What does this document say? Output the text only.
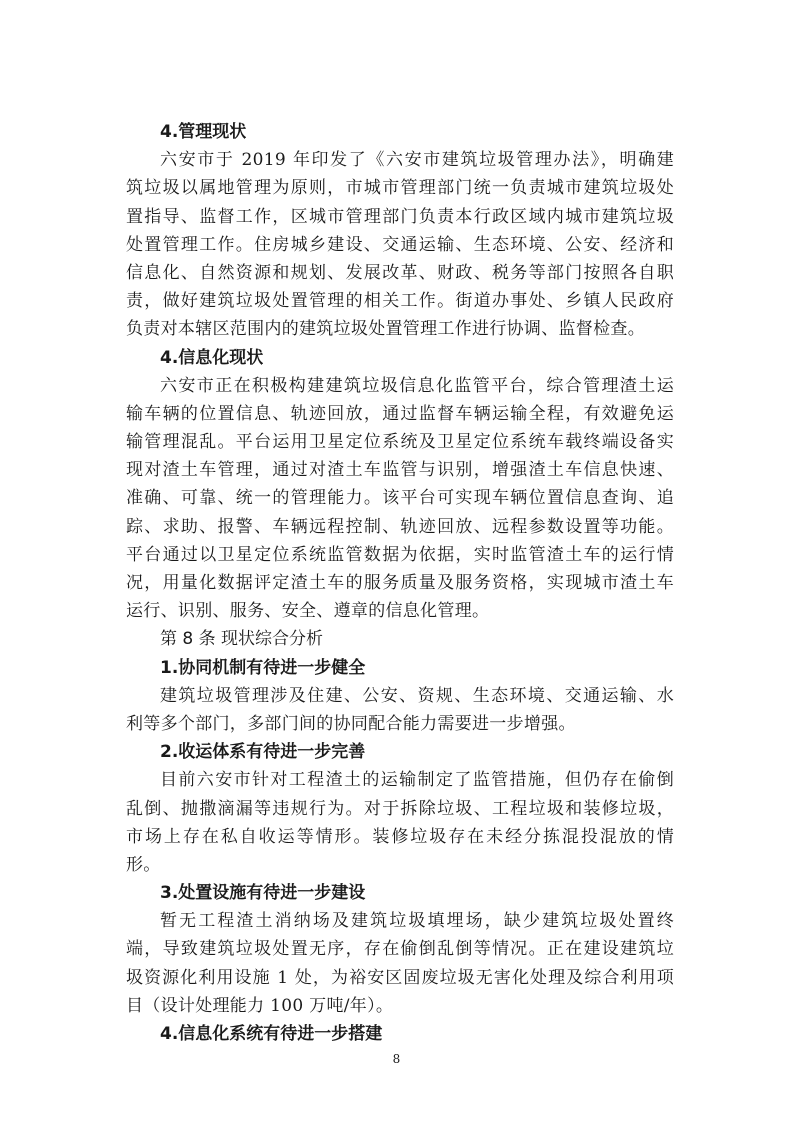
4.管理现状
六安市于 2019 年印发了《六安市建筑垃圾管理办法》，明确建
筑垃圾以属地管理为原则，市城市管理部门统一负责城市建筑垃圾处
置指导、监督工作，区城市管理部门负责本行政区域内城市建筑垃圾
处置管理工作。住房城乡建设、交通运输、生态环境、公安、经济和
信息化、自然资源和规划、发展改革、财政、税务等部门按照各自职
责，做好建筑垃圾处置管理的相关工作。街道办事处、乡镇人民政府
负责对本辖区范围内的建筑垃圾处置管理工作进行协调、监督检查。
4.信息化现状
六安市正在积极构建建筑垃圾信息化监管平台，综合管理渣土运
输车辆的位置信息、轨迹回放，通过监督车辆运输全程，有效避免运
输管理混乱。平台运用卫星定位系统及卫星定位系统车载终端设备实
现对渣土车管理，通过对渣土车监管与识别，增强渣土车信息快速、
准确、可靠、统一的管理能力。该平台可实现车辆位置信息查询、追
踪、求助、报警、车辆远程控制、轨迹回放、远程参数设置等功能。
平台通过以卫星定位系统监管数据为依据，实时监管渣土车的运行情
况，用量化数据评定渣土车的服务质量及服务资格，实现城市渣土车
运行、识别、服务、安全、遵章的信息化管理。
第 8 条 现状综合分析
1.协同机制有待进一步健全
建筑垃圾管理涉及住建、公安、资规、生态环境、交通运输、水
利等多个部门，多部门间的协同配合能力需要进一步增强。
2.收运体系有待进一步完善
目前六安市针对工程渣土的运输制定了监管措施，但仍存在偷倒
乱倒、抛撒滴漏等违规行为。对于拆除垃圾、工程垃圾和装修垃圾，
市场上存在私自收运等情形。装修垃圾存在未经分拣混投混放的情
形。
3.处置设施有待进一步建设
暂无工程渣土消纳场及建筑垃圾填埋场，缺少建筑垃圾处置终
端，导致建筑垃圾处置无序，存在偷倒乱倒等情况。正在建设建筑垃
圾资源化利用设施 1 处，为裕安区固废垃圾无害化处理及综合利用项
目（设计处理能力 100 万吨/年）。
4.信息化系统有待进一步搭建
8
